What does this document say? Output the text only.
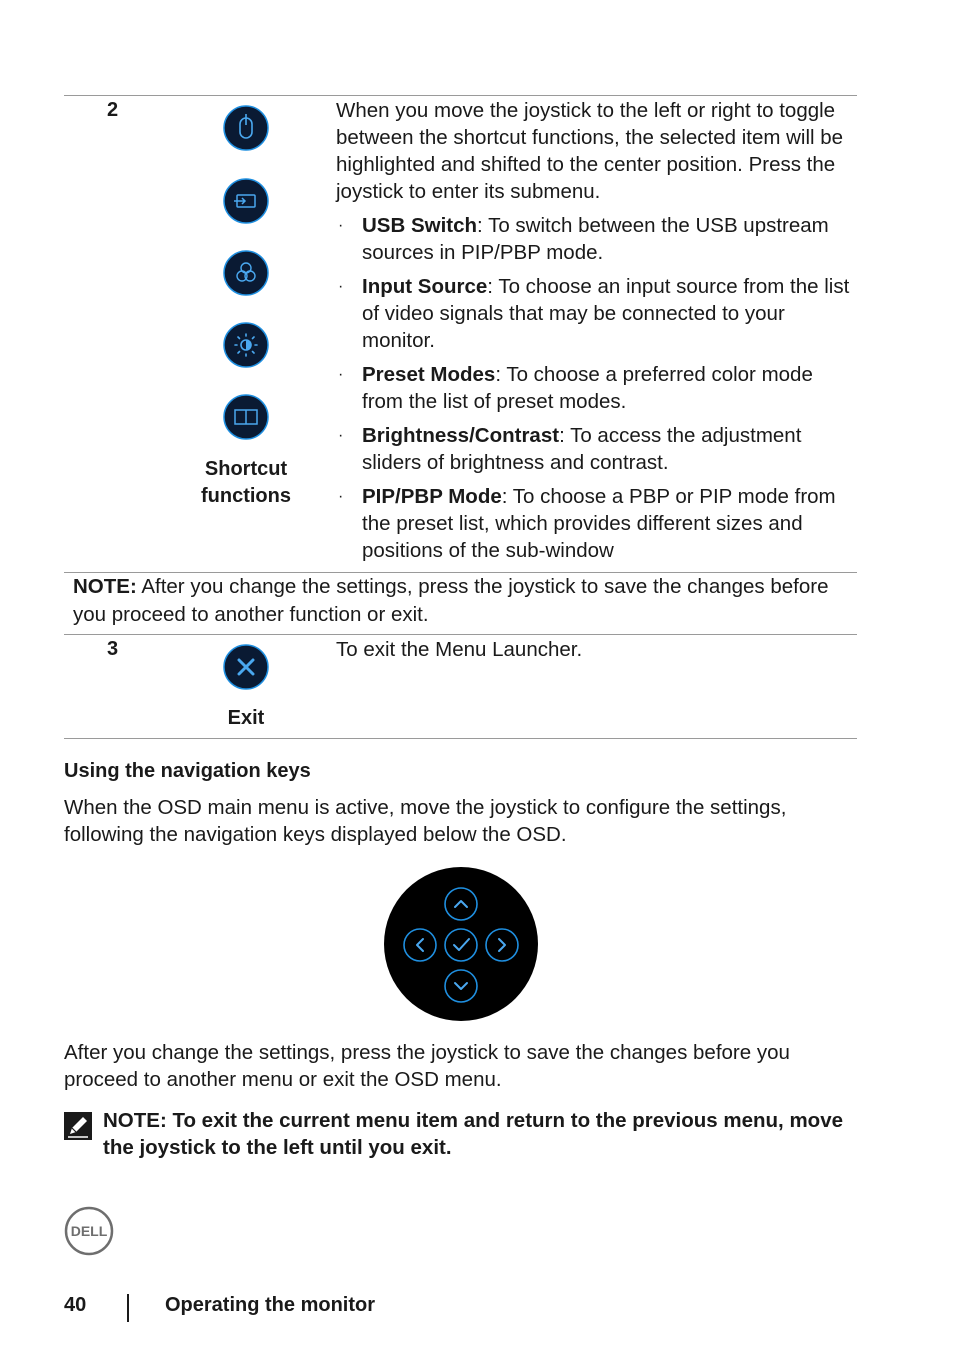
2
Shortcut
functions
When you move the joystick to the left or right to toggle between the shortcut functions, the selected item will be highlighted and shifted to the center position. Press the joystick to enter its submenu.
· USB Switch: To switch between the USB upstream sources in PIP/PBP mode.
· Input Source: To choose an input source from the list of video signals that may be connected to your monitor.
· Preset Modes: To choose a preferred color mode from the list of preset modes.
· Brightness/Contrast: To access the adjustment sliders of brightness and contrast.
· PIP/PBP Mode: To choose a PBP or PIP mode from the preset list, which provides different sizes and positions of the sub-window
NOTE: After you change the settings, press the joystick to save the changes before you proceed to another function or exit.
3
Exit
To exit the Menu Launcher.
Using the navigation keys
When the OSD main menu is active, move the joystick to configure the settings, following the navigation keys displayed below the OSD.
After you change the settings, press the joystick to save the changes before you proceed to another menu or exit the OSD menu.
NOTE: To exit the current menu item and return to the previous menu, move the joystick to the left until you exit.
DELL
40	Operating the monitor
